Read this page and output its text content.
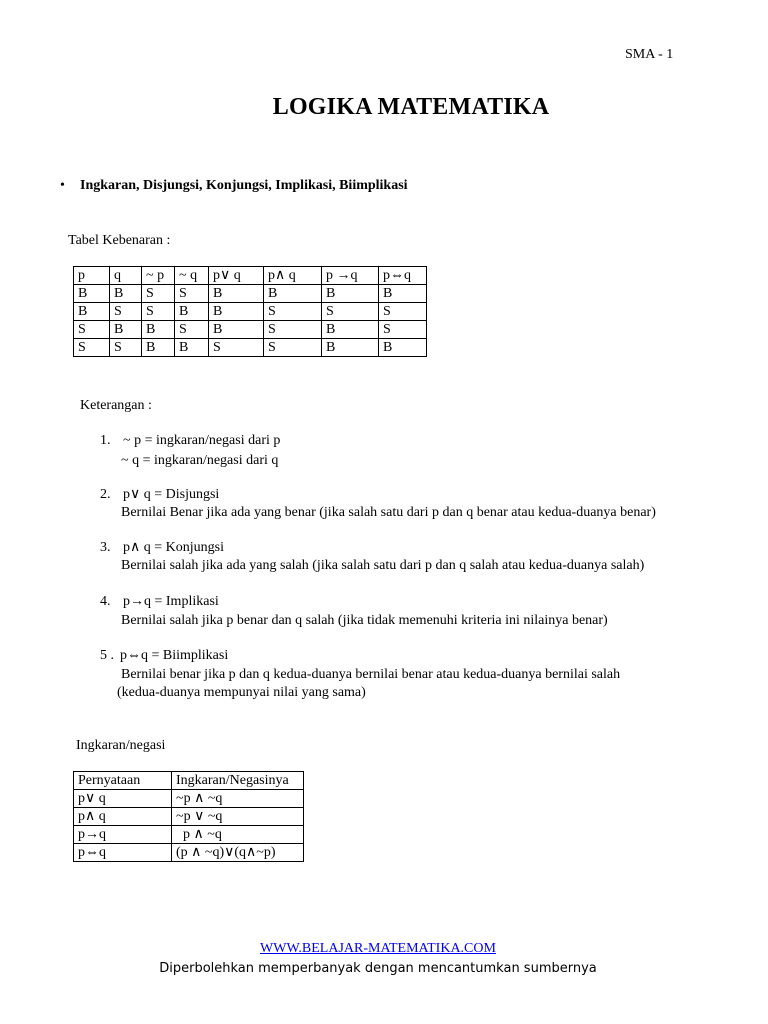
SMA - 1
LOGIKA MATEMATIKA
• Ingkaran, Disjungsi, Konjungsi, Implikasi, Biimplikasi
Tabel Kebenaran :
p	q	~ p	~ q	p∨ q	p∧ q	p →q	p⇔q
B	B	S	S	B	B	B	B
B	S	S	B	B	S	S	S
S	B	B	S	B	S	B	S
S	S	B	B	S	S	B	B
Keterangan :
1. ~ p = ingkaran/negasi dari p
~ q = ingkaran/negasi dari q
2. p∨ q = Disjungsi
Bernilai Benar jika ada yang benar (jika salah satu dari p dan q benar atau kedua-duanya benar)
3. p∧ q = Konjungsi
Bernilai salah jika ada yang salah (jika salah satu dari p dan q salah atau kedua-duanya salah)
4. p→q = Implikasi
Bernilai salah jika p benar dan q salah (jika tidak memenuhi kriteria ini nilainya benar)
5 . p⇔q = Biimplikasi
Bernilai benar jika p dan q kedua-duanya bernilai benar atau kedua-duanya bernilai salah
(kedua-duanya mempunyai nilai yang sama)
Ingkaran/negasi
Pernyataan	Ingkaran/Negasinya
p∨ q	~p ∧ ~q
p∧ q	~p ∨ ~q
p→q	p ∧ ~q
p⇔q	(p ∧ ~q)∨(q∧~p)
WWW.BELAJAR-MATEMATIKA.COM
Diperbolehkan memperbanyak dengan mencantumkan sumbernya
